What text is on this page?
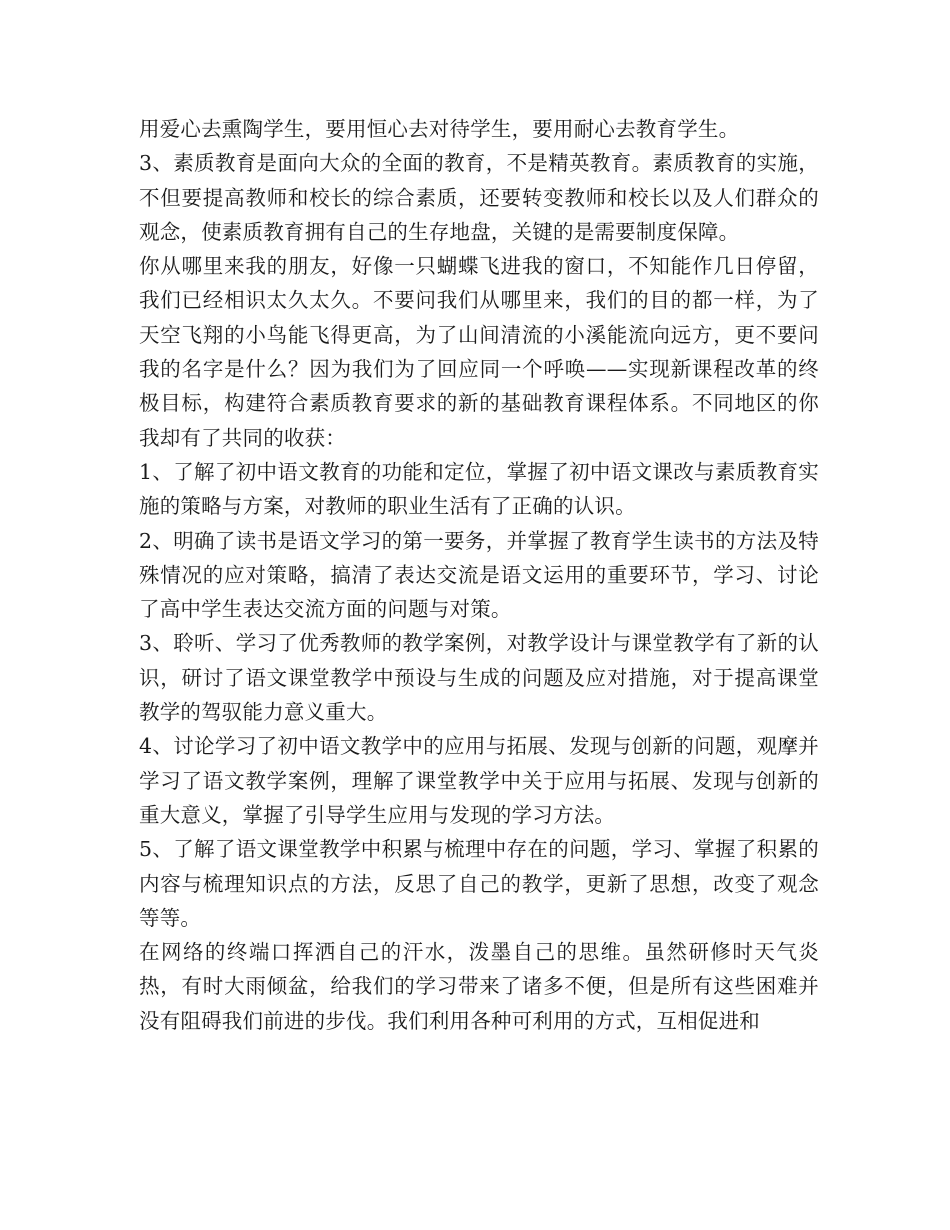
用爱心去熏陶学生，要用恒心去对待学生，要用耐心去教育学生。

3、素质教育是面向大众的全面的教育，不是精英教育。素质教育的实施，不但要提高教师和校长的综合素质，还要转变教师和校长以及人们群众的观念，使素质教育拥有自己的生存地盘，关键的是需要制度保障。

你从哪里来我的朋友，好像一只蝴蝶飞进我的窗口，不知能作几日停留，我们已经相识太久太久。不要问我们从哪里来，我们的目的都一样，为了天空飞翔的小鸟能飞得更高，为了山间清流的小溪能流向远方，更不要问我的名字是什么？因为我们为了回应同一个呼唤——实现新课程改革的终极目标，构建符合素质教育要求的新的基础教育课程体系。不同地区的你我却有了共同的收获：

1、了解了初中语文教育的功能和定位，掌握了初中语文课改与素质教育实施的策略与方案，对教师的职业生活有了正确的认识。

2、明确了读书是语文学习的第一要务，并掌握了教育学生读书的方法及特殊情况的应对策略，搞清了表达交流是语文运用的重要环节，学习、讨论了高中学生表达交流方面的问题与对策。

3、聆听、学习了优秀教师的教学案例，对教学设计与课堂教学有了新的认识，研讨了语文课堂教学中预设与生成的问题及应对措施，对于提高课堂教学的驾驭能力意义重大。

4、讨论学习了初中语文教学中的应用与拓展、发现与创新的问题，观摩并学习了语文教学案例，理解了课堂教学中关于应用与拓展、发现与创新的重大意义，掌握了引导学生应用与发现的学习方法。

5、了解了语文课堂教学中积累与梳理中存在的问题，学习、掌握了积累的内容与梳理知识点的方法，反思了自己的教学，更新了思想，改变了观念等等。

在网络的终端口挥洒自己的汗水，泼墨自己的思维。虽然研修时天气炎热，有时大雨倾盆，给我们的学习带来了诸多不便，但是所有这些困难并没有阻碍我们前进的步伐。我们利用各种可利用的方式，互相促进和
